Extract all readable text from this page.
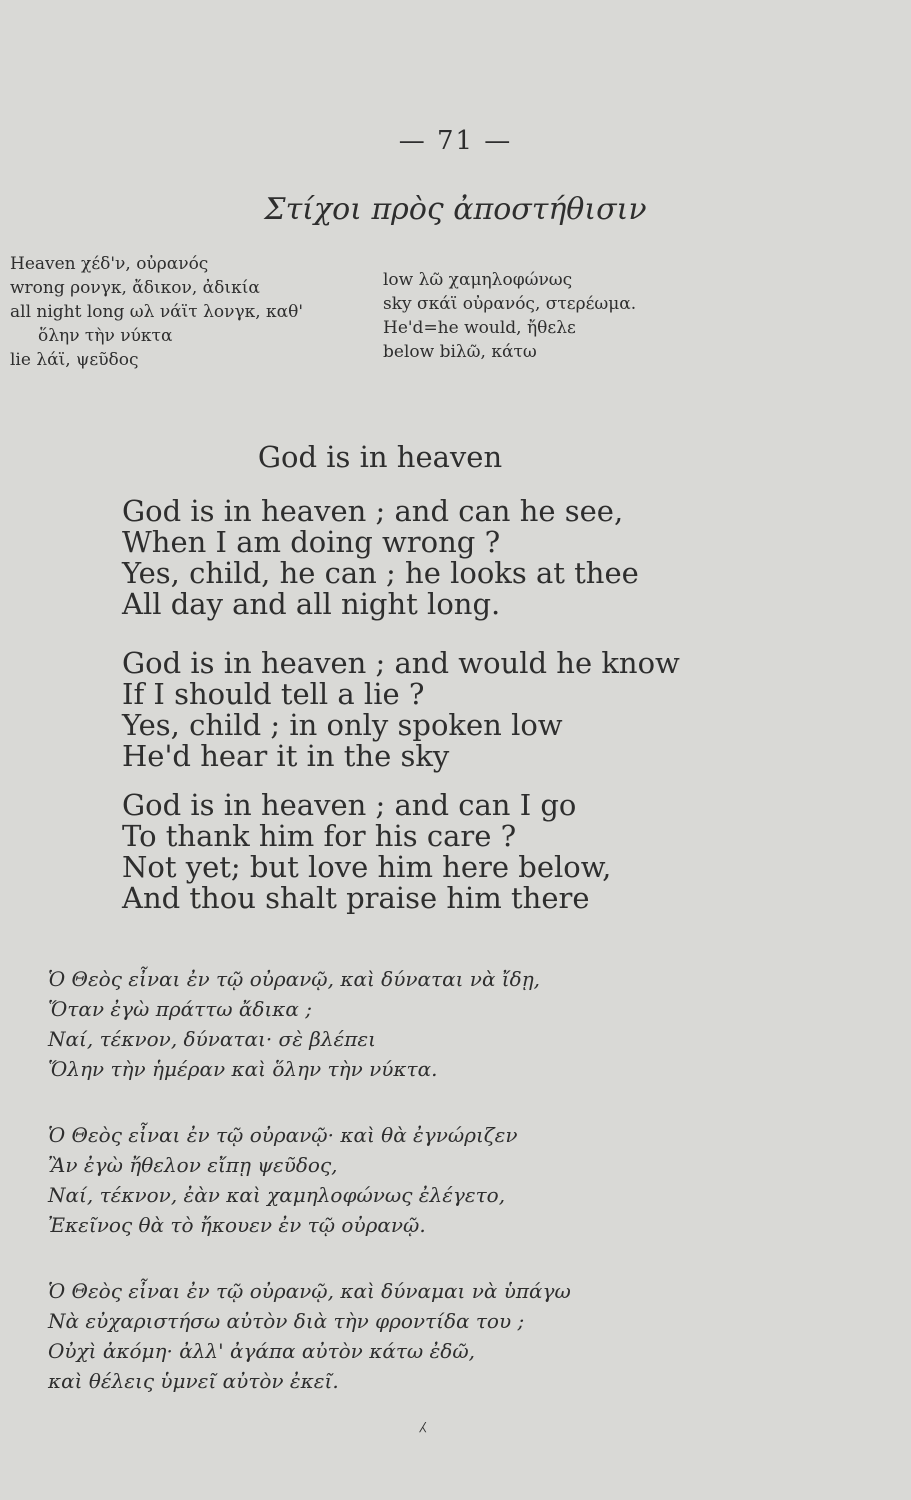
— 71 —
Στίχοι πρὸς ἀποστήθισιν
Heaven χέδ'ν, οὐρανός
wrong ρονγκ, ἄδικον, ἀδικία
all night long ωλ νάϊτ λονγκ, καθ'
ὅλην τὴν νύκτα
lie λάϊ, ψεῦδος
low λῶ χαμηλοφώνως
sky σκάϊ οὐρανός, στερέωμα.
He'd=he would, ἤθελε
below biλῶ, κάτω
God is in heaven
God is in heaven ; and can he see,
When I am doing wrong ?
Yes, child, he can ; he looks at thee
All day and all night long.
God is in heaven ; and would he know
If I should tell a lie ?
Yes, child ; in only spoken low
He'd hear it in the sky
God is in heaven ; and can I go
To thank him for his care ?
Not yet; but love him here below,
And thou shalt praise him there
Ὁ Θεὸς εἶναι ἐν τῷ οὐρανῷ, καὶ δύναται νὰ ἴδῃ,
Ὅταν ἐγὼ πράττω ἄδικα ;
Ναί, τέκνον, δύναται· σὲ βλέπει
Ὅλην τὴν ἡμέραν καὶ ὅλην τὴν νύκτα.
Ὁ Θεὸς εἶναι ἐν τῷ οὐρανῷ· καὶ θὰ ἐγνώριζεν
Ἂν ἐγὼ ἤθελον εἴπῃ ψεῦδος,
Ναί, τέκνον, ἐὰν καὶ χαμηλοφώνως ἐλέγετο,
Ἐκεῖνος θὰ τὸ ἤκουεν ἐν τῷ οὐρανῷ.
Ὁ Θεὸς εἶναι ἐν τῷ οὐρανῷ, καὶ δύναμαι νὰ ὑπάγω
Νὰ εὐχαριστήσω αὐτὸν διὰ τὴν φροντίδα του ;
Οὐχὶ ἀκόμη· ἀλλ' ἀγάπα αὐτὸν κάτω ἐδῶ,
καὶ θέλεις ὑμνεῖ αὐτὸν ἐκεῖ.
⁁
